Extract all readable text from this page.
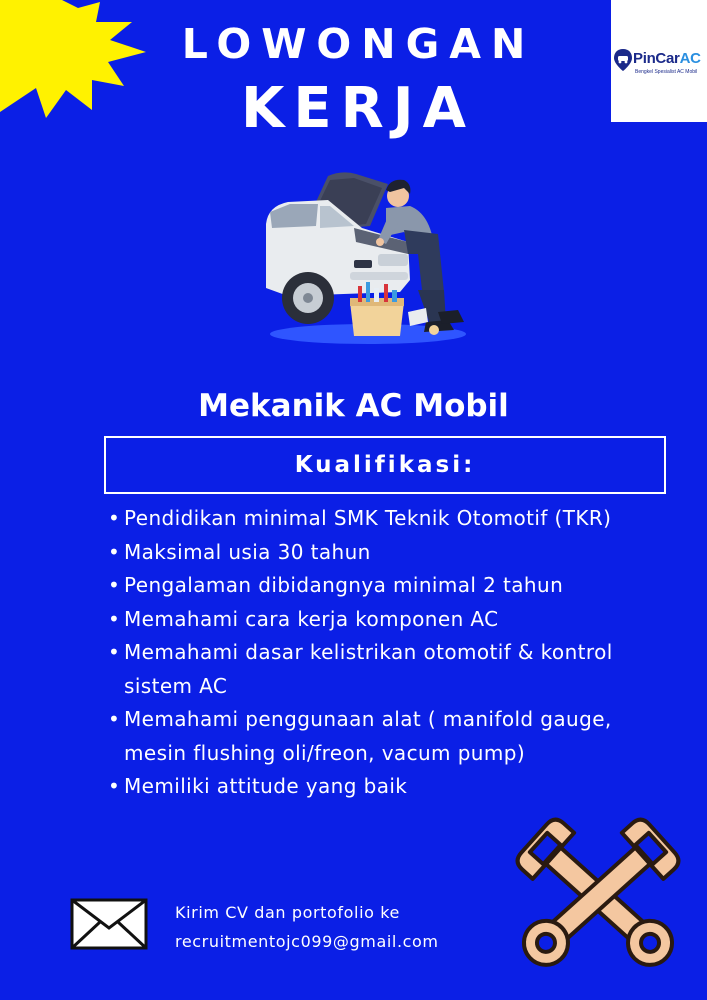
PinCarAC
Bengkel Spesialist AC Mobil
LOWONGAN
KERJA
Mekanik AC Mobil
Kualifikasi:
• Pendidikan minimal SMK Teknik Otomotif (TKR)
• Maksimal usia 30 tahun
• Pengalaman dibidangnya minimal 2 tahun
• Memahami cara kerja komponen AC
• Memahami dasar kelistrikan otomotif & kontrol sistem AC
• Memahami penggunaan alat ( manifold gauge, mesin flushing oli/freon, vacum pump)
• Memiliki attitude yang baik
Kirim CV dan portofolio ke
recruitmentojc099@gmail.com
